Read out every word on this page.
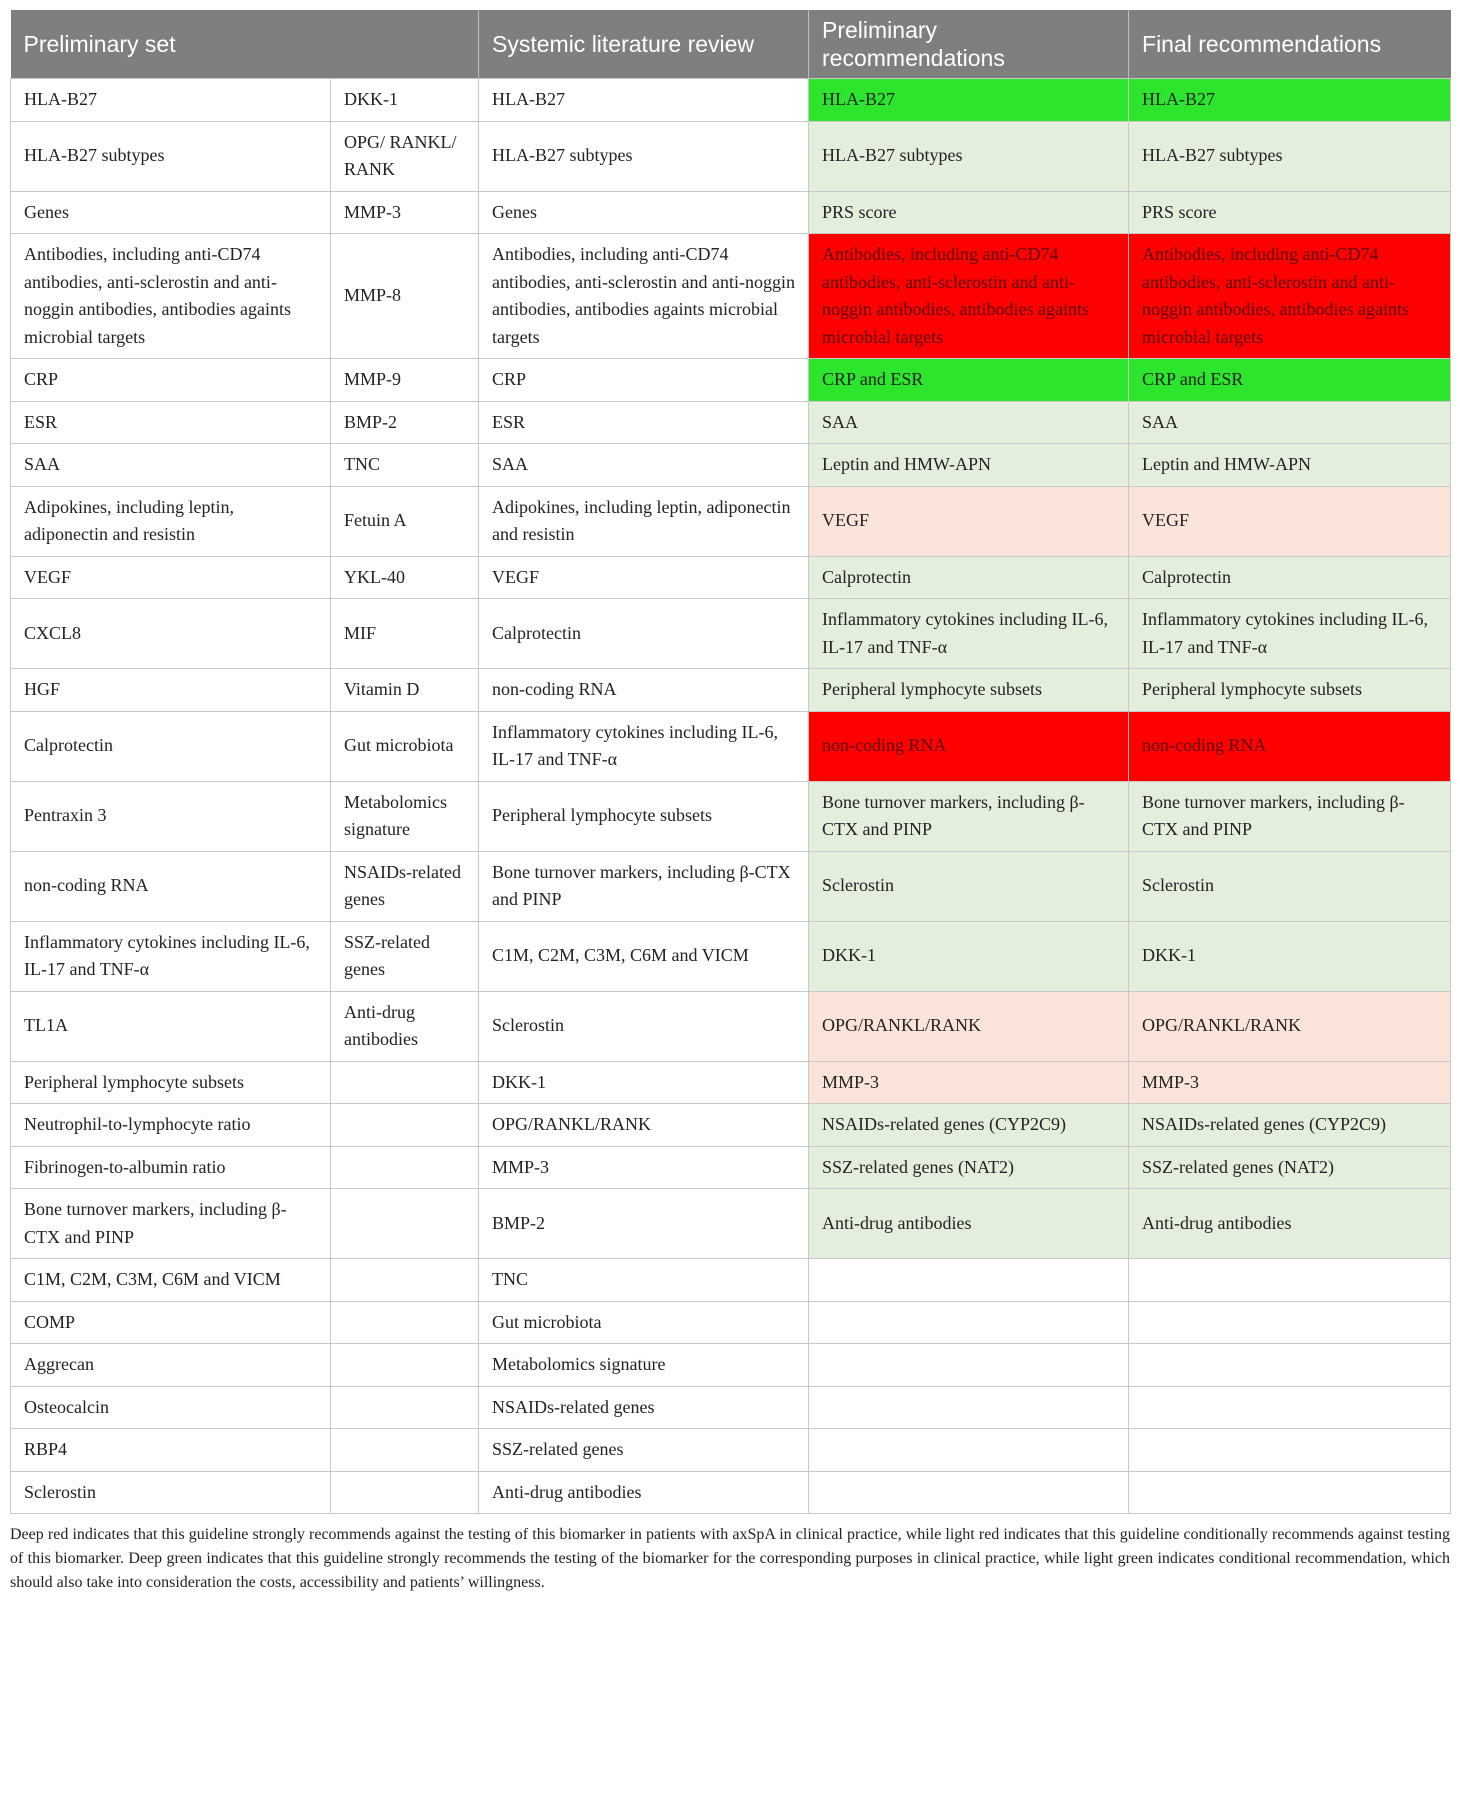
Preliminary set		Systemic literature review	Preliminary recommendations	Final recommendations
HLA-B27	DKK-1	HLA-B27	HLA-B27	HLA-B27
HLA-B27 subtypes	OPG/ RANKL/ RANK	HLA-B27 subtypes	HLA-B27 subtypes	HLA-B27 subtypes
Genes	MMP-3	Genes	PRS score	PRS score
Antibodies, including anti-CD74 antibodies, anti-sclerostin and anti-noggin antibodies, antibodies againts microbial targets	MMP-8	Antibodies, including anti-CD74 antibodies, anti-sclerostin and anti-noggin antibodies, antibodies againts microbial targets	Antibodies, including anti-CD74 antibodies, anti-sclerostin and anti-noggin antibodies, antibodies againts microbial targets	Antibodies, including anti-CD74 antibodies, anti-sclerostin and anti-noggin antibodies, antibodies againts microbial targets
CRP	MMP-9	CRP	CRP and ESR	CRP and ESR
ESR	BMP-2	ESR	SAA	SAA
SAA	TNC	SAA	Leptin and HMW-APN	Leptin and HMW-APN
Adipokines, including leptin, adiponectin and resistin	Fetuin A	Adipokines, including leptin, adiponectin and resistin	VEGF	VEGF
VEGF	YKL-40	VEGF	Calprotectin	Calprotectin
CXCL8	MIF	Calprotectin	Inflammatory cytokines including IL-6, IL-17 and TNF-α	Inflammatory cytokines including IL-6, IL-17 and TNF-α
HGF	Vitamin D	non-coding RNA	Peripheral lymphocyte subsets	Peripheral lymphocyte subsets
Calprotectin	Gut microbiota	Inflammatory cytokines including IL-6, IL-17 and TNF-α	non-coding RNA	non-coding RNA
Pentraxin 3	Metabolomics signature	Peripheral lymphocyte subsets	Bone turnover markers, including β-CTX and PINP	Bone turnover markers, including β-CTX and PINP
non-coding RNA	NSAIDs-related genes	Bone turnover markers, including β-CTX and PINP	Sclerostin	Sclerostin
Inflammatory cytokines including IL-6, IL-17 and TNF-α	SSZ-related genes	C1M, C2M, C3M, C6M and VICM	DKK-1	DKK-1
TL1A	Anti-drug antibodies	Sclerostin	OPG/RANKL/RANK	OPG/RANKL/RANK
Peripheral lymphocyte subsets		DKK-1	MMP-3	MMP-3
Neutrophil-to-lymphocyte ratio		OPG/RANKL/RANK	NSAIDs-related genes (CYP2C9)	NSAIDs-related genes (CYP2C9)
Fibrinogen-to-albumin ratio		MMP-3	SSZ-related genes (NAT2)	SSZ-related genes (NAT2)
Bone turnover markers, including β-CTX and PINP		BMP-2	Anti-drug antibodies	Anti-drug antibodies
C1M, C2M, C3M, C6M and VICM		TNC		
COMP		Gut microbiota		
Aggrecan		Metabolomics signature		
Osteocalcin		NSAIDs-related genes		
RBP4		SSZ-related genes		
Sclerostin		Anti-drug antibodies		

Deep red indicates that this guideline strongly recommends against the testing of this biomarker in patients with axSpA in clinical practice, while light red indicates that this guideline conditionally recommends against testing of this biomarker. Deep green indicates that this guideline strongly recommends the testing of the biomarker for the corresponding purposes in clinical practice, while light green indicates conditional recommendation, which should also take into consideration the costs, accessibility and patients’ willingness.
